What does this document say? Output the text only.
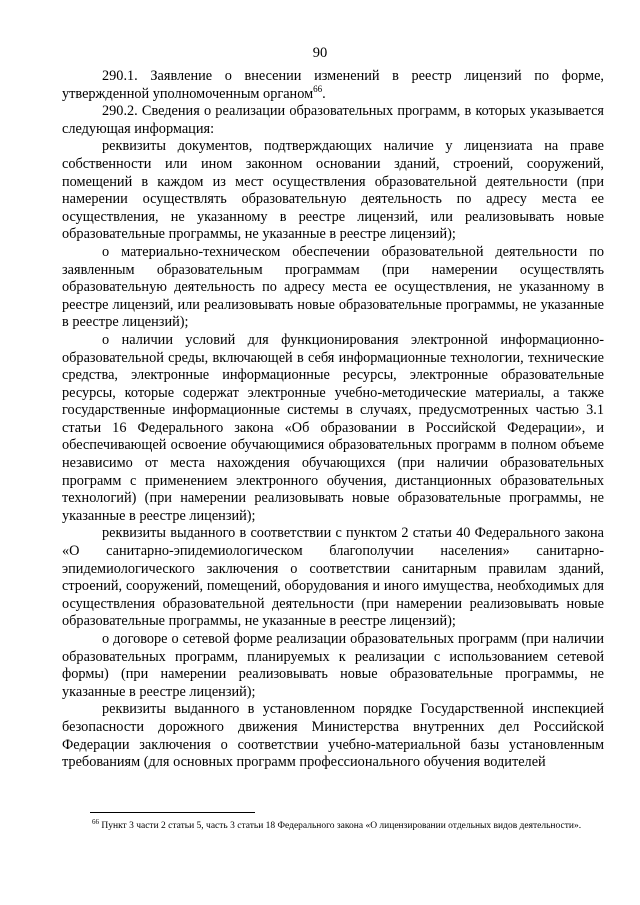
90

290.1. Заявление о внесении изменений в реестр лицензий по форме, утвержденной уполномоченным органом$^{66}$.

290.2. Сведения о реализации образовательных программ, в которых указывается следующая информация:

реквизиты документов, подтверждающих наличие у лицензиата на праве собственности или ином законном основании зданий, строений, сооружений, помещений в каждом из мест осуществления образовательной деятельности (при намерении осуществлять образовательную деятельность по адресу места ее осуществления, не указанному в реестре лицензий, или реализовывать новые образовательные программы, не указанные в реестре лицензий);

о материально-техническом обеспечении образовательной деятельности по заявленным образовательным программам (при намерении осуществлять образовательную деятельность по адресу места ее осуществления, не указанному в реестре лицензий, или реализовывать новые образовательные программы, не указанные в реестре лицензий);

о наличии условий для функционирования электронной информационно-образовательной среды, включающей в себя информационные технологии, технические средства, электронные информационные ресурсы, электронные образовательные ресурсы, которые содержат электронные учебно-методические материалы, а также государственные информационные системы в случаях, предусмотренных частью 3.1 статьи 16 Федерального закона «Об образовании в Российской Федерации», и обеспечивающей освоение обучающимися образовательных программ в полном объеме независимо от места нахождения обучающихся (при наличии образовательных программ с применением электронного обучения, дистанционных образовательных технологий) (при намерении реализовывать новые образовательные программы, не указанные в реестре лицензий);

реквизиты выданного в соответствии с пунктом 2 статьи 40 Федерального закона «О санитарно-эпидемиологическом благополучии населения» санитарно-эпидемиологического заключения о соответствии санитарным правилам зданий, строений, сооружений, помещений, оборудования и иного имущества, необходимых для осуществления образовательной деятельности (при намерении реализовывать новые образовательные программы, не указанные в реестре лицензий);

о договоре о сетевой форме реализации образовательных программ (при наличии образовательных программ, планируемых к реализации с использованием сетевой формы) (при намерении реализовывать новые образовательные программы, не указанные в реестре лицензий);

реквизиты выданного в установленном порядке Государственной инспекцией безопасности дорожного движения Министерства внутренних дел Российской Федерации заключения о соответствии учебно-материальной базы установленным требованиям (для основных программ профессионального обучения водителей

$^{66}$ Пункт 3 части 2 статьи 5, часть 3 статьи 18 Федерального закона «О лицензировании отдельных видов деятельности».
